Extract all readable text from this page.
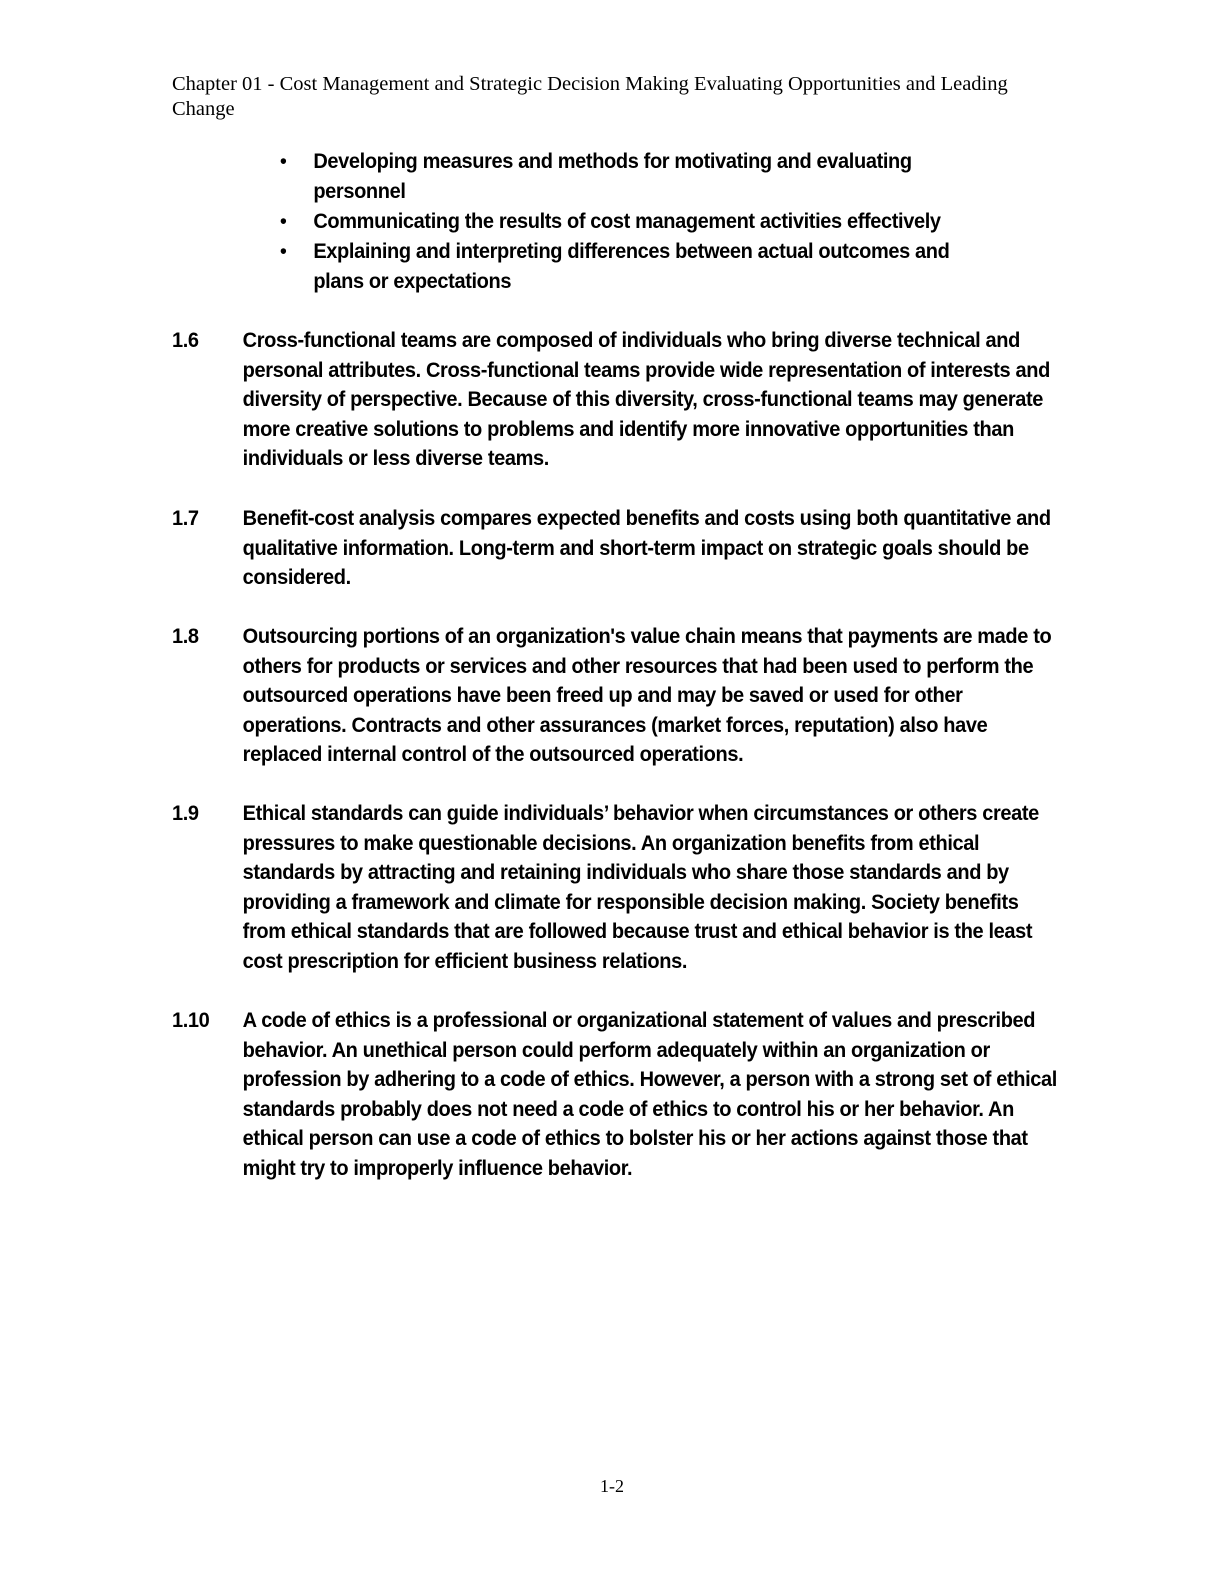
Chapter 01 - Cost Management and Strategic Decision Making Evaluating Opportunities and Leading Change
• Developing measures and methods for motivating and evaluating personnel
• Communicating the results of cost management activities effectively
• Explaining and interpreting differences between actual outcomes and plans or expectations
1.6 Cross-functional teams are composed of individuals who bring diverse technical and personal attributes. Cross-functional teams provide wide representation of interests and diversity of perspective. Because of this diversity, cross-functional teams may generate more creative solutions to problems and identify more innovative opportunities than individuals or less diverse teams.
1.7 Benefit-cost analysis compares expected benefits and costs using both quantitative and qualitative information. Long-term and short-term impact on strategic goals should be considered.
1.8 Outsourcing portions of an organization's value chain means that payments are made to others for products or services and other resources that had been used to perform the outsourced operations have been freed up and may be saved or used for other operations. Contracts and other assurances (market forces, reputation) also have replaced internal control of the outsourced operations.
1.9 Ethical standards can guide individuals’ behavior when circumstances or others create pressures to make questionable decisions. An organization benefits from ethical standards by attracting and retaining individuals who share those standards and by providing a framework and climate for responsible decision making. Society benefits from ethical standards that are followed because trust and ethical behavior is the least cost prescription for efficient business relations.
1.10 A code of ethics is a professional or organizational statement of values and prescribed behavior. An unethical person could perform adequately within an organization or profession by adhering to a code of ethics. However, a person with a strong set of ethical standards probably does not need a code of ethics to control his or her behavior. An ethical person can use a code of ethics to bolster his or her actions against those that might try to improperly influence behavior.
1-2
